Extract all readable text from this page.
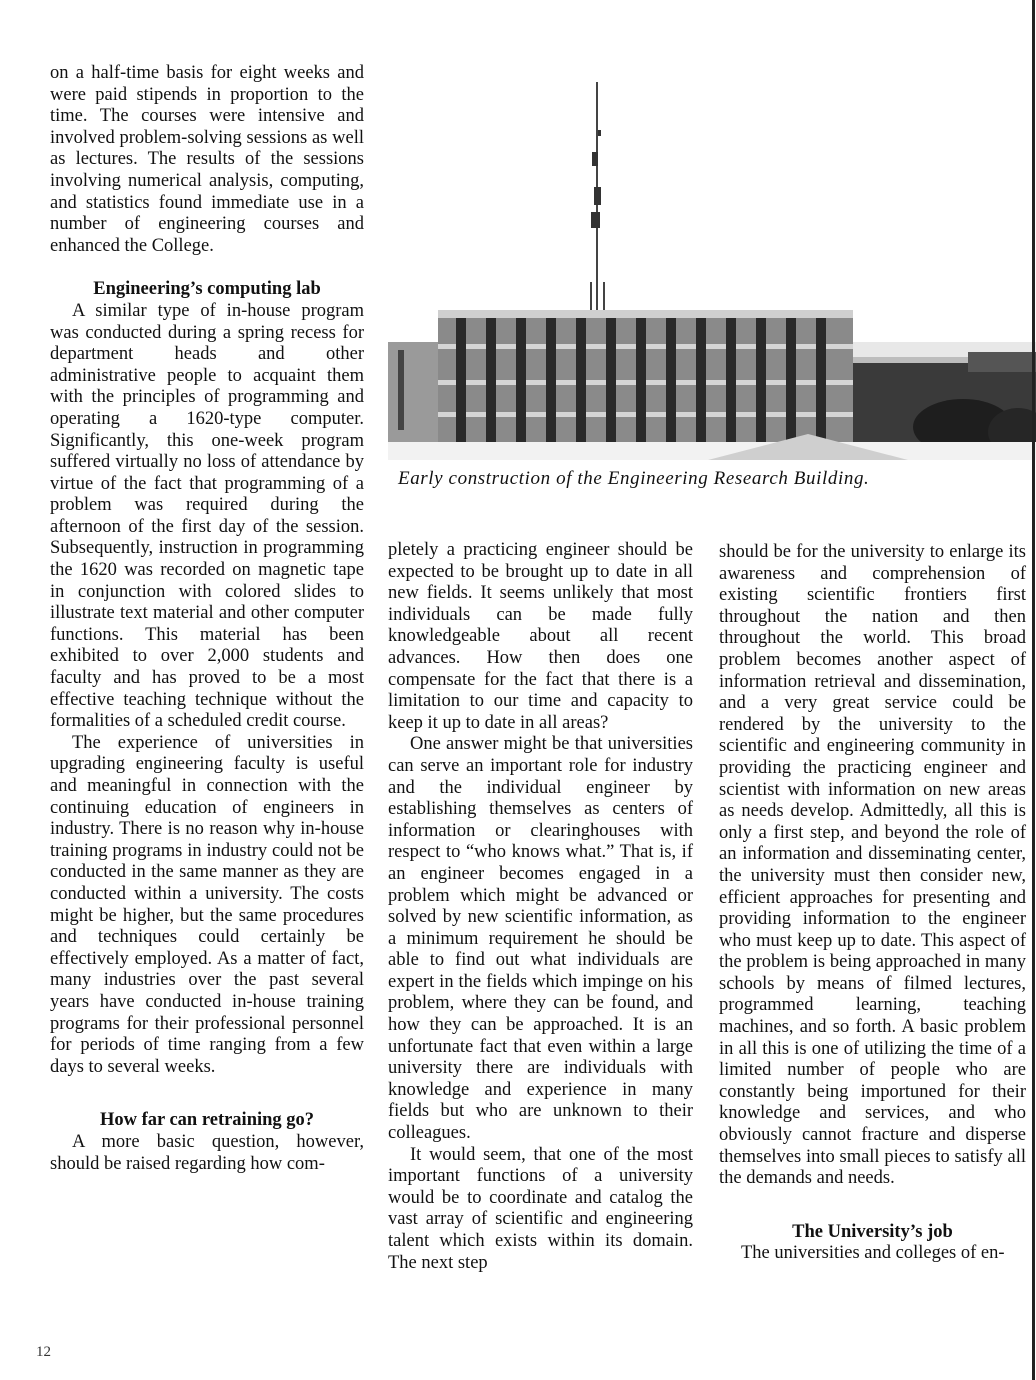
on a half-time basis for eight weeks and were paid stipends in proportion to the time. The courses were intensive and involved problem-solving sessions as well as lectures. The results of the sessions involving numerical analysis, computing, and statistics found immediate use in a number of engineering courses and enhanced the College.

Engineering’s computing lab

A similar type of in-house program was conducted during a spring recess for department heads and other administrative people to acquaint them with the principles of programming and operating a 1620-type computer. Significantly, this one-week program suffered virtually no loss of attendance by virtue of the fact that programming of a problem was required during the afternoon of the first day of the session. Subsequently, instruction in programming the 1620 was recorded on magnetic tape in conjunction with colored slides to illustrate text material and other computer functions. This material has been exhibited to over 2,000 students and faculty and has proved to be a most effective teaching technique without the formalities of a scheduled credit course.

The experience of universities in upgrading engineering faculty is useful and meaningful in connection with the continuing education of engineers in industry. There is no reason why in-house training programs in industry could not be conducted in the same manner as they are conducted within a university. The costs might be higher, but the same procedures and techniques could certainly be effectively employed. As a matter of fact, many industries over the past several years have conducted in-house training programs for their professional personnel for periods of time ranging from a few days to several weeks.

How far can retraining go?

A more basic question, however, should be raised regarding how com-

Early construction of the Engineering Research Building.

pletely a practicing engineer should be expected to be brought up to date in all new fields. It seems unlikely that most individuals can be made fully knowledgeable about all recent advances. How then does one compensate for the fact that there is a limitation to our time and capacity to keep it up to date in all areas?

One answer might be that universities can serve an important role for industry and the individual engineer by establishing themselves as centers of information or clearinghouses with respect to “who knows what.” That is, if an engineer becomes engaged in a problem which might be advanced or solved by new scientific information, as a minimum requirement he should be able to find out what individuals are expert in the fields which impinge on his problem, where they can be found, and how they can be approached. It is an unfortunate fact that even within a large university there are individuals with knowledge and experience in many fields but who are unknown to their colleagues.

It would seem, that one of the most important functions of a university would be to coordinate and catalog the vast array of scientific and engineering talent which exists within its domain. The next step

should be for the university to enlarge its awareness and comprehension of existing scientific frontiers first throughout the nation and then throughout the world. This broad problem becomes another aspect of information retrieval and dissemination, and a very great service could be rendered by the university to the scientific and engineering community in providing the practicing engineer and scientist with information on new areas as needs develop. Admittedly, all this is only a first step, and beyond the role of an information and disseminating center, the university must then consider new, efficient approaches for presenting and providing information to the engineer who must keep up to date. This aspect of the problem is being approached in many schools by means of filmed lectures, programmed learning, teaching machines, and so forth. A basic problem in all this is one of utilizing the time of a limited number of people who are constantly being importuned for their knowledge and services, and who obviously cannot fracture and disperse themselves into small pieces to satisfy all the demands and needs.

The University’s job

The universities and colleges of en-

12
